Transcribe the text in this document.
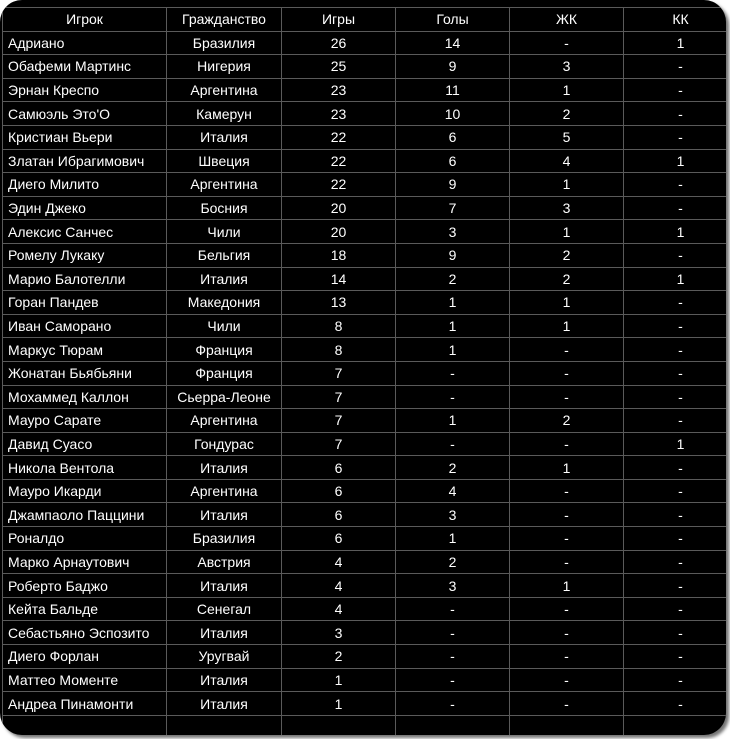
Игрок	Гражданство	Игры	Голы	ЖК	КК
Адриано	Бразилия	26	14	-	1
Обафеми Мартинс	Нигерия	25	9	3	-
Эрнан Креспо	Аргентина	23	11	1	-
Самюэль Это'О	Камерун	23	10	2	-
Кристиан Вьери	Италия	22	6	5	-
Златан Ибрагимович	Швеция	22	6	4	1
Диего Милито	Аргентина	22	9	1	-
Эдин Джеко	Босния	20	7	3	-
Алексис Санчес	Чили	20	3	1	1
Ромелу Лукаку	Бельгия	18	9	2	-
Марио Балотелли	Италия	14	2	2	1
Горан Пандев	Македония	13	1	1	-
Иван Саморано	Чили	8	1	1	-
Маркус Тюрам	Франция	8	1	-	-
Жонатан Бьябьяни	Франция	7	-	-	-
Мохаммед Каллон	Сьерра-Леоне	7	-	-	-
Мауро Сарате	Аргентина	7	1	2	-
Давид Суасо	Гондурас	7	-	-	1
Никола Вентола	Италия	6	2	1	-
Мауро Икарди	Аргентина	6	4	-	-
Джампаоло Паццини	Италия	6	3	-	-
Роналдо	Бразилия	6	1	-	-
Марко Арнаутович	Австрия	4	2	-	-
Роберто Баджо	Италия	4	3	1	-
Кейта Бальде	Сенегал	4	-	-	-
Себастьяно Эспозито	Италия	3	-	-	-
Диего Форлан	Уругвай	2	-	-	-
Маттео Моменте	Италия	1	-	-	-
Андреа Пинамонти	Италия	1	-	-	-
